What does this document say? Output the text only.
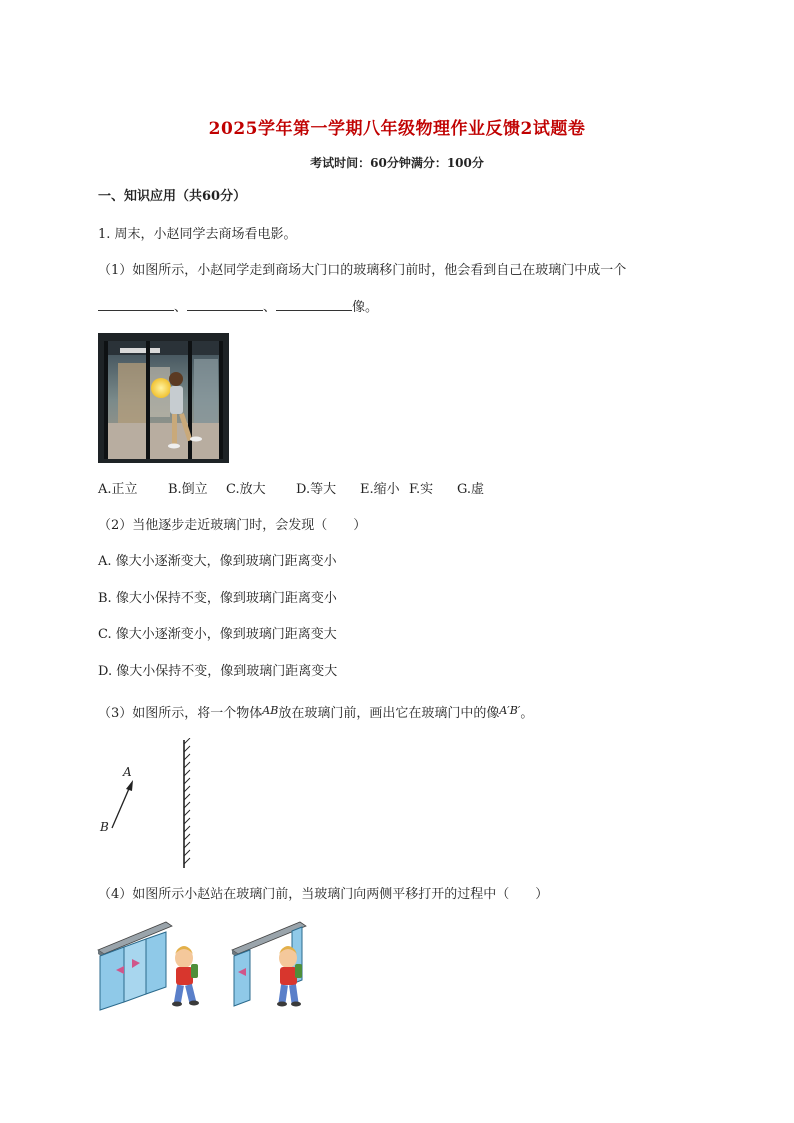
2025学年第一学期八年级物理作业反馈2试题卷
考试时间：60分钟满分：100分
一、知识应用（共60分）
1. 周末，小赵同学去商场看电影。
（1）如图所示，小赵同学走到商场大门口的玻璃移门前时，他会看到自己在玻璃门中成一个
、	、	像。
A.正立 B.倒立 C.放大 D.等大 E.缩小 F.实 G.虚
（2）当他逐步走近玻璃门时，会发现（　　）
A. 像大小逐渐变大，像到玻璃门距离变小
B. 像大小保持不变，像到玻璃门距离变小
C. 像大小逐渐变小，像到玻璃门距离变大
D. 像大小保持不变，像到玻璃门距离变大
（3）如图所示，将一个物体$^{AB}$放在玻璃门前，画出它在玻璃门中的像$^{A'B'}$。
A
B
（4）如图所示小赵站在玻璃门前，当玻璃门向两侧平移打开的过程中（　　）
